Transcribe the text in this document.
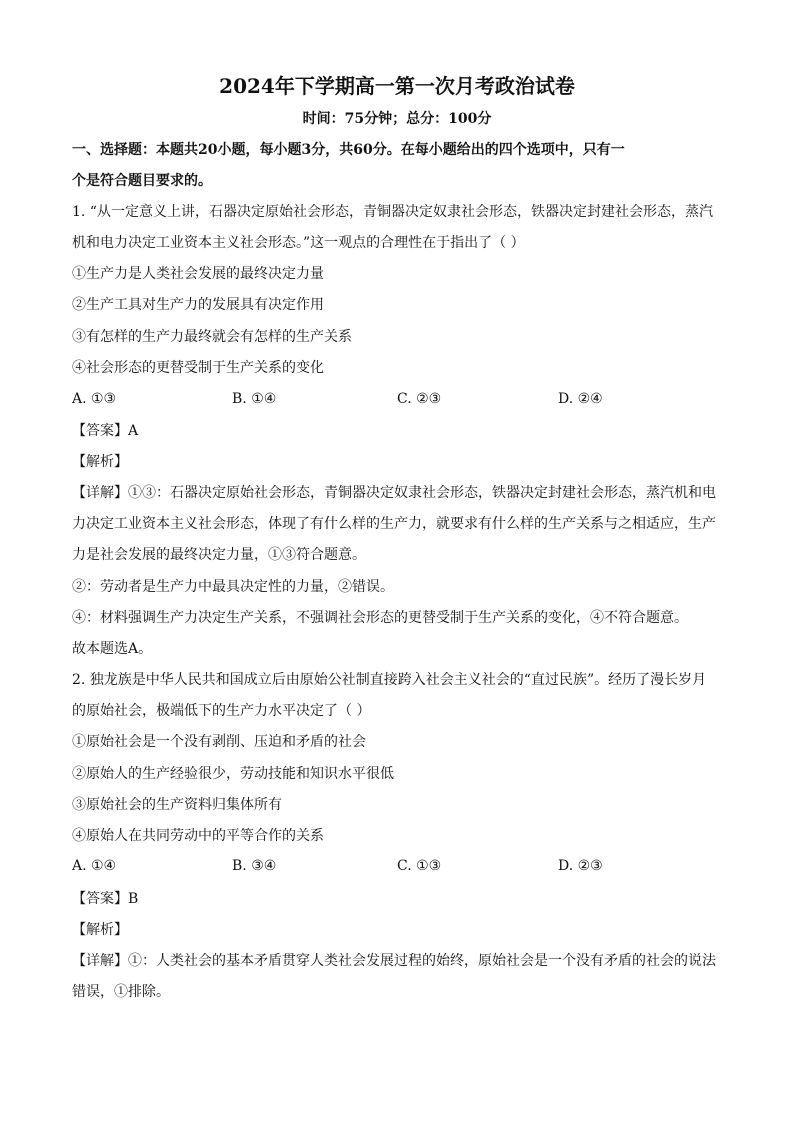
2024年下学期高一第一次月考政治试卷
时间：75分钟；总分：100分
一、选择题：本题共20小题，每小题3分，共60分。在每小题给出的四个选项中，只有一
个是符合题目要求的。
1. “从一定意义上讲，石器决定原始社会形态，青铜器决定奴隶社会形态，铁器决定封建社会形态，蒸汽
机和电力决定工业资本主义社会形态。”这一观点的合理性在于指出了（ ）
①生产力是人类社会发展的最终决定力量
②生产工具对生产力的发展具有决定作用
③有怎样的生产力最终就会有怎样的生产关系
④社会形态的更替受制于生产关系的变化
A. ①③	B. ①④	C. ②③	D. ②④
【答案】A
【解析】
【详解】①③：石器决定原始社会形态，青铜器决定奴隶社会形态，铁器决定封建社会形态，蒸汽机和电
力决定工业资本主义社会形态，体现了有什么样的生产力，就要求有什么样的生产关系与之相适应，生产
力是社会发展的最终决定力量，①③符合题意。
②：劳动者是生产力中最具决定性的力量，②错误。
④：材料强调生产力决定生产关系，不强调社会形态的更替受制于生产关系的变化，④不符合题意。
故本题选A。
2. 独龙族是中华人民共和国成立后由原始公社制直接跨入社会主义社会的“直过民族”。经历了漫长岁月
的原始社会，极端低下的生产力水平决定了（ ）
①原始社会是一个没有剥削、压迫和矛盾的社会
②原始人的生产经验很少，劳动技能和知识水平很低
③原始社会的生产资料归集体所有
④原始人在共同劳动中的平等合作的关系
A. ①④	B. ③④	C. ①③	D. ②③
【答案】B
【解析】
【详解】①：人类社会的基本矛盾贯穿人类社会发展过程的始终，原始社会是一个没有矛盾的社会的说法
错误，①排除。
